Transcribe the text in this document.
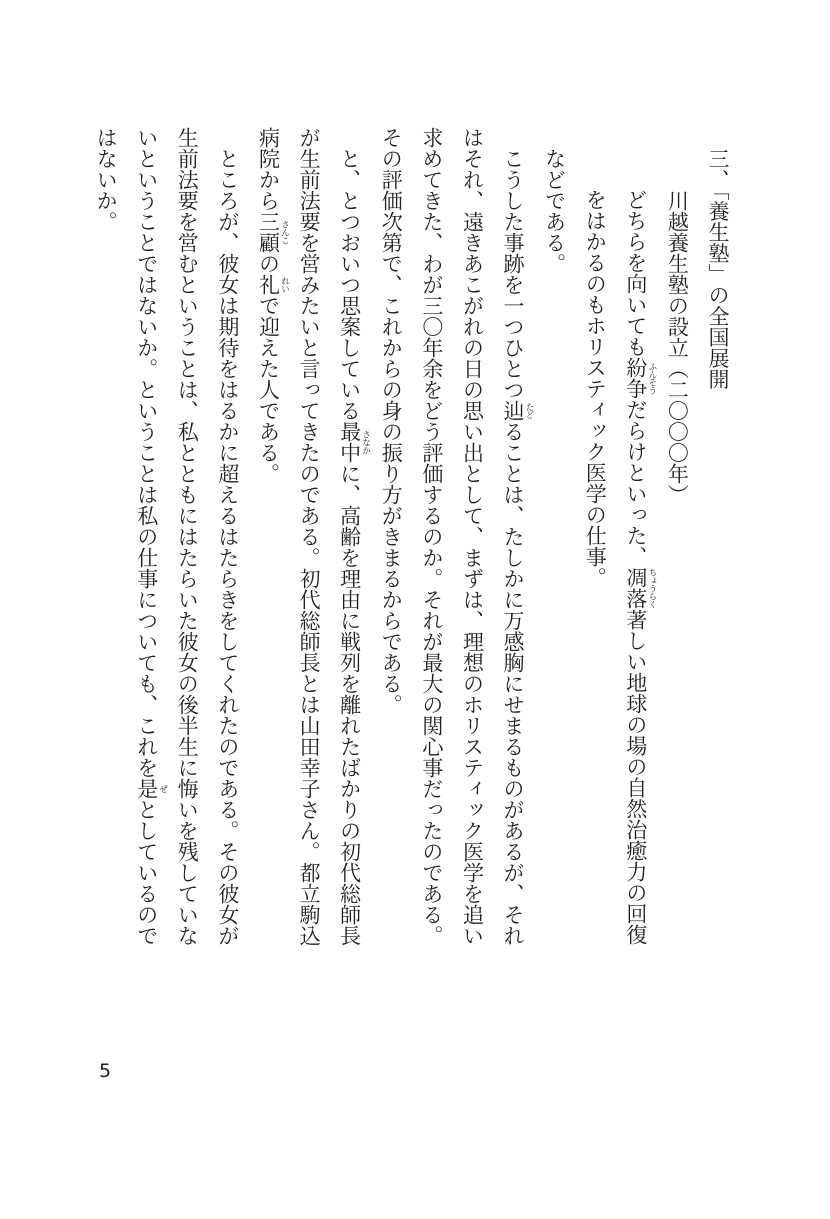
三、「養生塾」の全国展開
川越養生塾の設立（二〇〇〇年）

どちらを向いても紛争 ふんそうだらけといった、凋落 ちょうらく著しい地球の場の自然治癒力の回復をはかるのもホリスティック医学の仕事。

などである。

こうした事跡を一つひとつ辿 たどることは、たしかに万感胸にせまるものがあるが、それはそれ、遠きあこがれの日の思い出として、まずは、理想のホリスティック医学を追い求めてきた、わが三〇年余をどう評価するのか。それが最大の関心事だったのである。その評価次第で、これからの身の振り方がきまるからである。

と、とつおいつ思案している最中 さなかに、高齢を理由に戦列を離れたばかりの初代総師長が生前法要を営みたいと言ってきたのである。初代総師長とは山田幸子さん。都立駒込病院から三顧 さんこの礼 れいで迎えた人である。

ところが、彼女は期待をはるかに超えるはたらきをしてくれたのである。その彼女が生前法要を営むということは、私とともにはたらいた彼女の後半生に悔いを残していないということではないか。ということは私の仕事についても、これを是 ぜとしているのではないか。

5
